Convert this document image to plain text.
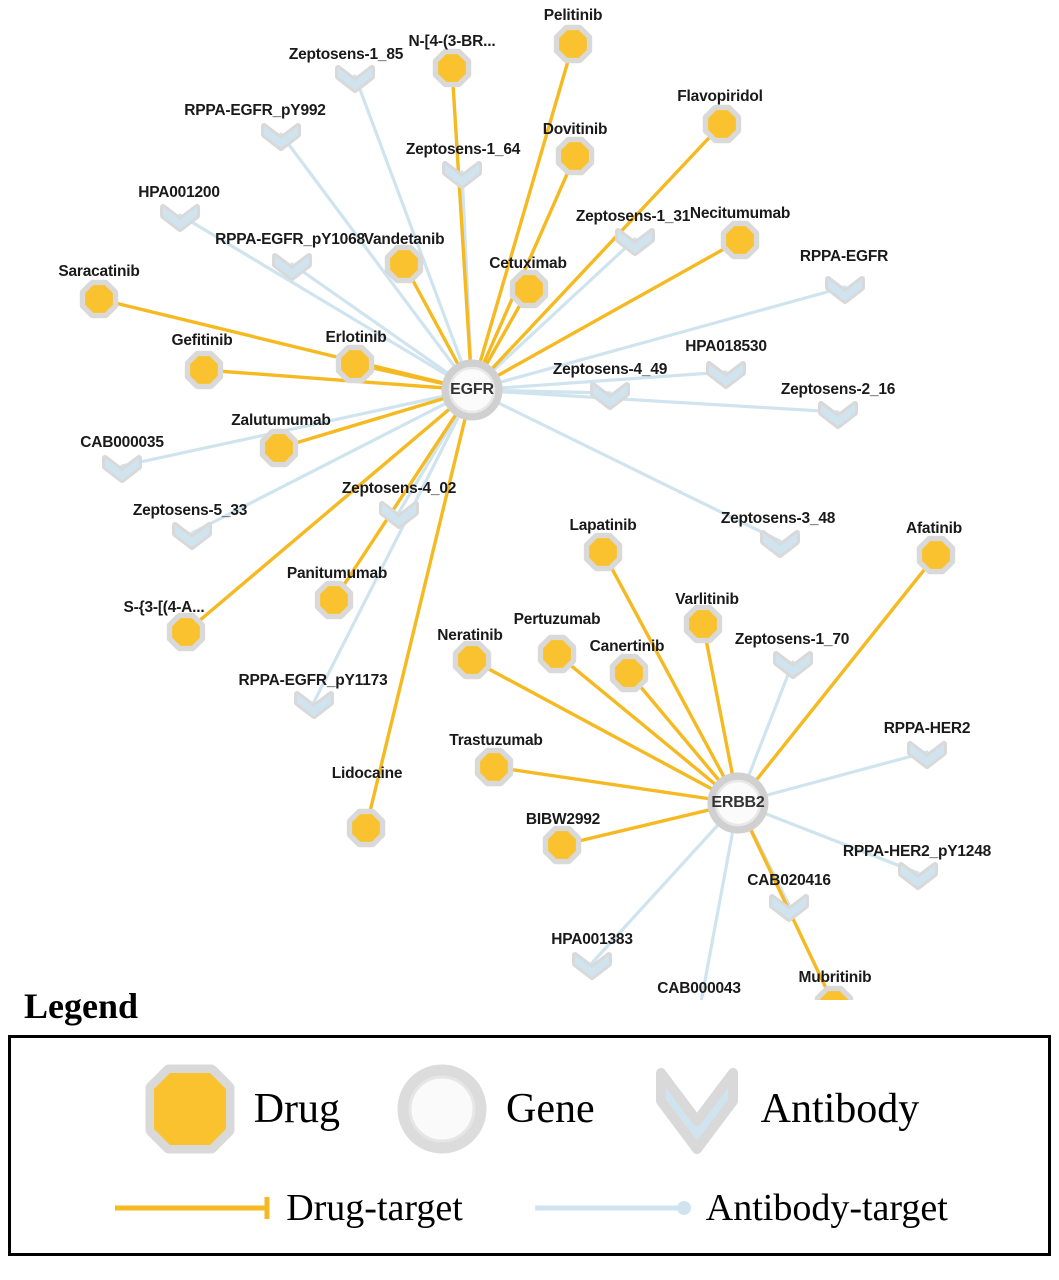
Pelitinib
N-[4-(3-BR...
Flavopiridol
Dovitinib
Necitumumab
Vandetanib
Cetuximab
Saracatinib
Gefitinib	Erlotinib
Zalutumumab
Afatinib
Lapatinib
Varlitinib
Panitumumab
S-{3-[(4-A...
Pertuzumab
Canertinib
Neratinib
Trastuzumab
Lidocaine
BIBW2992
Mubritinib
Zeptosens-1_85
RPPA-EGFR_pY992
Zeptosens-1_64
HPA001200
Zeptosens-1_31
RPPA-EGFR_pY1068
RPPA-EGFR
HPA018530
Zeptosens-4_49
Zeptosens-2_16
CAB000035
Zeptosens-4_02
Zeptosens-5_33	Zeptosens-3_48
Zeptosens-1_70
RPPA-EGFR_pY1173
RPPA-HER2
RPPA-HER2_pY1248
CAB020416
HPA001383
CAB000043
EGFR
ERBB2
Legend
Drug	Gene	Antibody
Drug-target	Antibody-target
